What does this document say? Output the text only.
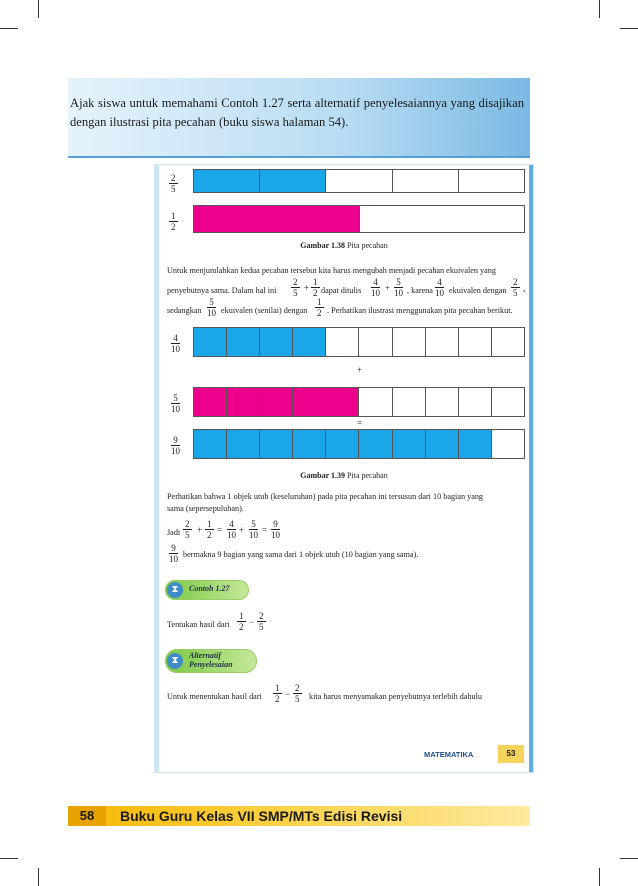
Ajak siswa untuk memahami Contoh 1.27 serta alternatif penyelesaiannya yang disajikan dengan ilustrasi pita pecahan (buku siswa halaman 54).

$\frac{2}{5}$
$\frac{1}{2}$
Gambar 1.38 Pita pecahan
Untuk menjumlahkan kedua pecahan tersebut kita harus mengubah menjadi pecahan ekuivalen yang
penyebutnya sama. Dalam hal ini $\frac{2}{5} + \frac{1}{2}$ dapat ditulis $\frac{4}{10} + \frac{5}{10}$ , karena $\frac{4}{10}$ ekuivalen dengan $\frac{2}{5}$ ,
sedangkan $\frac{5}{10}$ ekuivalen (senilai) dengan $\frac{1}{2}$ . Perhatikan ilustrasi menggunakan pita pecahan berikut.
$\frac{4}{10}$
+
$\frac{5}{10}$
=
$\frac{9}{10}$
Gambar 1.39 Pita pecahan
Perhatikan bahwa 1 objek utuh (keseluruhan) pada pita pecahan ini tersusun dari 10 bagian yang
sama (sepersepuluhan).
Jadi $\frac{2}{5} + \frac{1}{2} = \frac{4}{10} + \frac{5}{10} = \frac{9}{10}$
$\frac{9}{10}$ bermakna 9 bagian yang sama dari 1 objek utuh (10 bagian yang sama).
⧗	Contoh 1.27
Tentukan hasil dari $\frac{1}{2} - \frac{2}{5}$
⧗	Alternatif
Penyelesaian
Untuk menentukan hasil dari $\frac{1}{2} - \frac{2}{5}$ kita harus menyamakan penyebutnya terlebih dahulu
MATEMATIKA	53
58	Buku Guru Kelas VII SMP/MTs Edisi Revisi
